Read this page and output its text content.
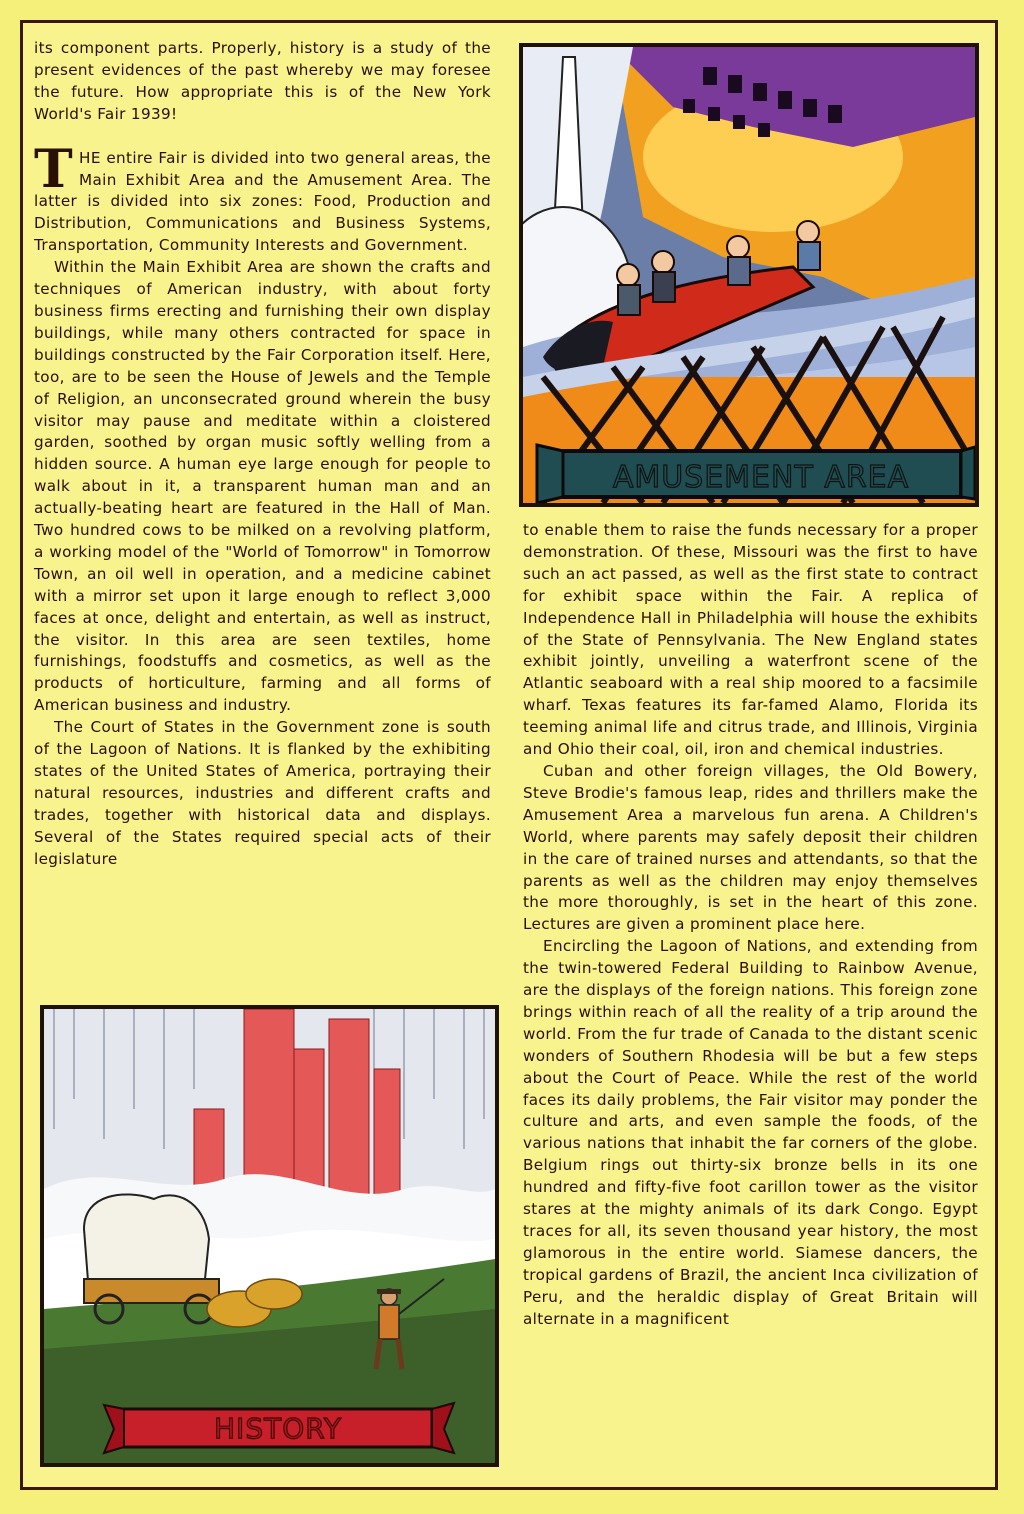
its component parts. Properly, history is a study of the present evidences of the past whereby we may foresee the future. How appropriate this is of the New York World's Fair 1939!

THE entire Fair is divided into two general areas, the Main Exhibit Area and the Amusement Area. The latter is divided into six zones: Food, Production and Distribution, Communications and Business Systems, Transportation, Community Interests and Government.

Within the Main Exhibit Area are shown the crafts and techniques of American industry, with about forty business firms erecting and furnishing their own display buildings, while many others contracted for space in buildings constructed by the Fair Corporation itself. Here, too, are to be seen the House of Jewels and the Temple of Religion, an unconsecrated ground wherein the busy visitor may pause and meditate within a cloistered garden, soothed by organ music softly welling from a hidden source. A human eye large enough for people to walk about in it, a transparent human man and an actually-beating heart are featured in the Hall of Man. Two hundred cows to be milked on a revolving platform, a working model of the "World of Tomorrow" in Tomorrow Town, an oil well in operation, and a medicine cabinet with a mirror set upon it large enough to reflect 3,000 faces at once, delight and entertain, as well as instruct, the visitor. In this area are seen textiles, home furnishings, foodstuffs and cosmetics, as well as the products of horticulture, farming and all forms of American business and industry.

The Court of States in the Government zone is south of the Lagoon of Nations. It is flanked by the exhibiting states of the United States of America, portraying their natural resources, industries and different crafts and trades, together with historical data and displays. Several of the States required special acts of their legislature

to enable them to raise the funds necessary for a proper demonstration. Of these, Missouri was the first to have such an act passed, as well as the first state to contract for exhibit space within the Fair. A replica of Independence Hall in Philadelphia will house the exhibits of the State of Pennsylvania. The New England states exhibit jointly, unveiling a waterfront scene of the Atlantic seaboard with a real ship moored to a facsimile wharf. Texas features its far-famed Alamo, Florida its teeming animal life and citrus trade, and Illinois, Virginia and Ohio their coal, oil, iron and chemical industries.

Cuban and other foreign villages, the Old Bowery, Steve Brodie's famous leap, rides and thrillers make the Amusement Area a marvelous fun arena. A Children's World, where parents may safely deposit their children in the care of trained nurses and attendants, so that the parents as well as the children may enjoy themselves the more thoroughly, is set in the heart of this zone. Lectures are given a prominent place here.

Encircling the Lagoon of Nations, and extending from the twin-towered Federal Building to Rainbow Avenue, are the displays of the foreign nations. This foreign zone brings within reach of all the reality of a trip around the world. From the fur trade of Canada to the distant scenic wonders of Southern Rhodesia will be but a few steps about the Court of Peace. While the rest of the world faces its daily problems, the Fair visitor may ponder the culture and arts, and even sample the foods, of the various nations that inhabit the far corners of the globe. Belgium rings out thirty-six bronze bells in its one hundred and fifty-five foot carillon tower as the visitor stares at the mighty animals of its dark Congo. Egypt traces for all, its seven thousand year history, the most glamorous in the entire world. Siamese dancers, the tropical gardens of Brazil, the ancient Inca civilization of Peru, and the heraldic display of Great Britain will alternate in a magnificent

AMUSEMENT AREA
HISTORY
